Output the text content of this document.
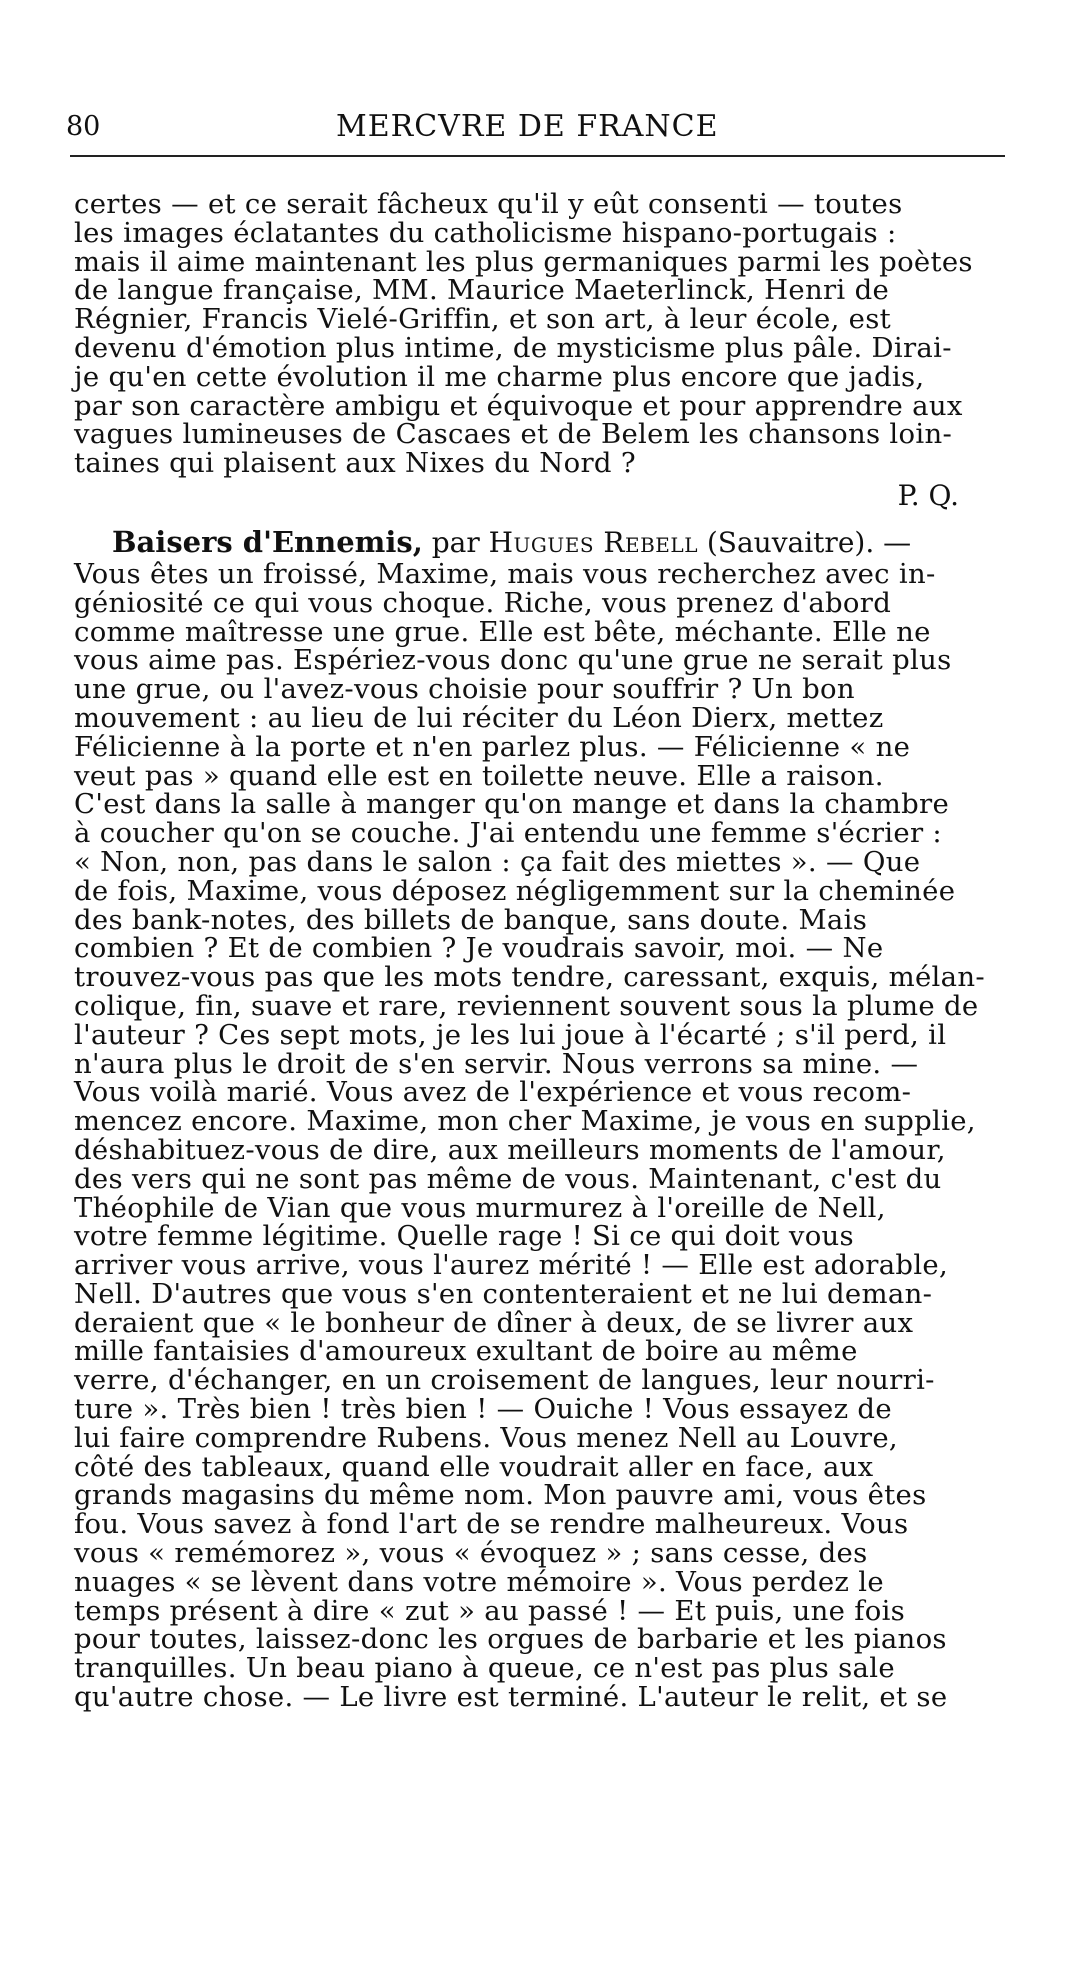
80	MERCVRE DE FRANCE
certes — et ce serait fâcheux qu'il y eût consenti — toutes
les images éclatantes du catholicisme hispano-portugais :
mais il aime maintenant les plus germaniques parmi les poètes
de langue française, MM. Maurice Maeterlinck, Henri de
Régnier, Francis Vielé-Griffin, et son art, à leur école, est
devenu d'émotion plus intime, de mysticisme plus pâle. Dirai-
je qu'en cette évolution il me charme plus encore que jadis,
par son caractère ambigu et équivoque et pour apprendre aux
vagues lumineuses de Cascaes et de Belem les chansons loin-
taines qui plaisent aux Nixes du Nord ?
P. Q.
Baisers d'Ennemis, par Hugues Rebell (Sauvaitre). —
Vous êtes un froissé, Maxime, mais vous recherchez avec in-
géniosité ce qui vous choque. Riche, vous prenez d'abord
comme maîtresse une grue. Elle est bête, méchante. Elle ne
vous aime pas. Espériez-vous donc qu'une grue ne serait plus
une grue, ou l'avez-vous choisie pour souffrir ? Un bon
mouvement : au lieu de lui réciter du Léon Dierx, mettez
Félicienne à la porte et n'en parlez plus. — Félicienne « ne
veut pas » quand elle est en toilette neuve. Elle a raison.
C'est dans la salle à manger qu'on mange et dans la chambre
à coucher qu'on se couche. J'ai entendu une femme s'écrier :
« Non, non, pas dans le salon : ça fait des miettes ». — Que
de fois, Maxime, vous déposez négligemment sur la cheminée
des bank-notes, des billets de banque, sans doute. Mais
combien ? Et de combien ? Je voudrais savoir, moi. — Ne
trouvez-vous pas que les mots tendre, caressant, exquis, mélan-
colique, fin, suave et rare, reviennent souvent sous la plume de
l'auteur ? Ces sept mots, je les lui joue à l'écarté ; s'il perd, il
n'aura plus le droit de s'en servir. Nous verrons sa mine. —
Vous voilà marié. Vous avez de l'expérience et vous recom-
mencez encore. Maxime, mon cher Maxime, je vous en supplie,
déshabituez-vous de dire, aux meilleurs moments de l'amour,
des vers qui ne sont pas même de vous. Maintenant, c'est du
Théophile de Vian que vous murmurez à l'oreille de Nell,
votre femme légitime. Quelle rage ! Si ce qui doit vous
arriver vous arrive, vous l'aurez mérité ! — Elle est adorable,
Nell. D'autres que vous s'en contenteraient et ne lui deman-
deraient que « le bonheur de dîner à deux, de se livrer aux
mille fantaisies d'amoureux exultant de boire au même
verre, d'échanger, en un croisement de langues, leur nourri-
ture ». Très bien ! très bien ! — Ouiche ! Vous essayez de
lui faire comprendre Rubens. Vous menez Nell au Louvre,
côté des tableaux, quand elle voudrait aller en face, aux
grands magasins du même nom. Mon pauvre ami, vous êtes
fou. Vous savez à fond l'art de se rendre malheureux. Vous
vous « remémorez », vous « évoquez » ; sans cesse, des
nuages « se lèvent dans votre mémoire ». Vous perdez le
temps présent à dire « zut » au passé ! — Et puis, une fois
pour toutes, laissez-donc les orgues de barbarie et les pianos
tranquilles. Un beau piano à queue, ce n'est pas plus sale
qu'autre chose. — Le livre est terminé. L'auteur le relit, et se
